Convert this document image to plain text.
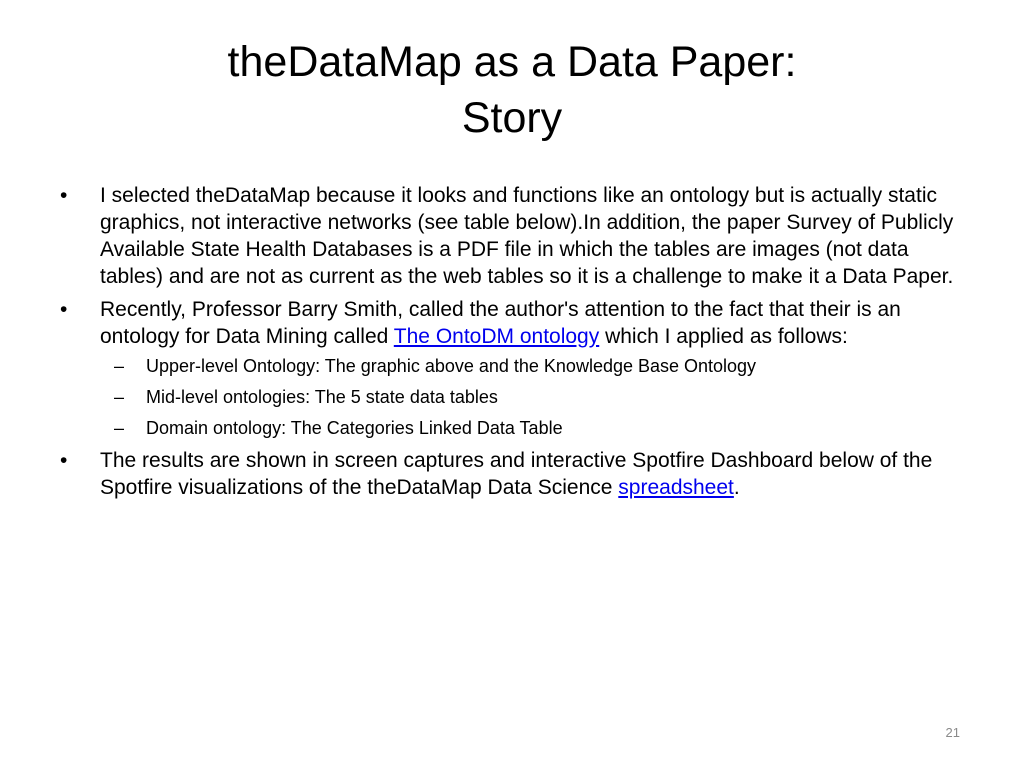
theDataMap as a Data Paper:
Story
• I selected theDataMap because it looks and functions like an ontology but is actually static graphics, not interactive networks (see table below).In addition, the paper Survey of Publicly Available State Health Databases is a PDF file in which the tables are images (not data tables) and are not as current as the web tables so it is a challenge to make it a Data Paper.
• Recently, Professor Barry Smith, called the author's attention to the fact that their is an ontology for Data Mining called The OntoDM ontology which I applied as follows:
– Upper-level Ontology: The graphic above and the Knowledge Base Ontology
– Mid-level ontologies: The 5 state data tables
– Domain ontology: The Categories Linked Data Table
• The results are shown in screen captures and interactive Spotfire Dashboard below of the Spotfire visualizations of the theDataMap Data Science spreadsheet.
21
